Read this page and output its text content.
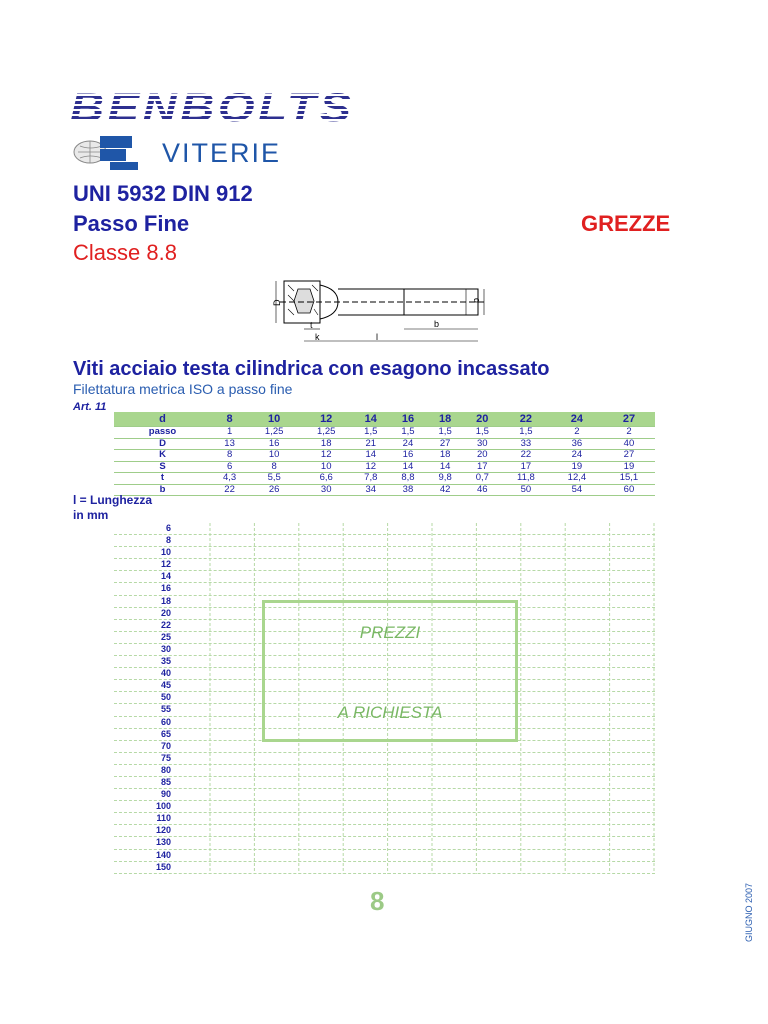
BENBOLTS
VITERIE
UNI 5932 DIN 912
Passo Fine	GREZZE
Classe 8.8
D	d
t
k	l
b
Viti acciaio testa cilindrica con esagono incassato
Filettatura metrica ISO a passo fine
Art. 11
d	8	10	12	14	16	18	20	22	24	27
passo	1	1,25	1,25	1,5	1,5	1,5	1,5	1,5	2	2
D	13	16	18	21	24	27	30	33	36	40
K	8	10	12	14	16	18	20	22	24	27
S	6	8	10	12	14	14	17	17	19	19
t	4,3	5,5	6,6	7,8	8,8	9,8	0,7	11,8	12,4	15,1
b	22	26	30	34	38	42	46	50	54	60
l = Lunghezza
in mm
6
8
10
12
14
16
18
20
22
25
30
35
40
45
50
55
60
65
70
75
80
85
90
100
110
120
130
140
150
PREZZI
A RICHIESTA
8	GIUGNO 2007
